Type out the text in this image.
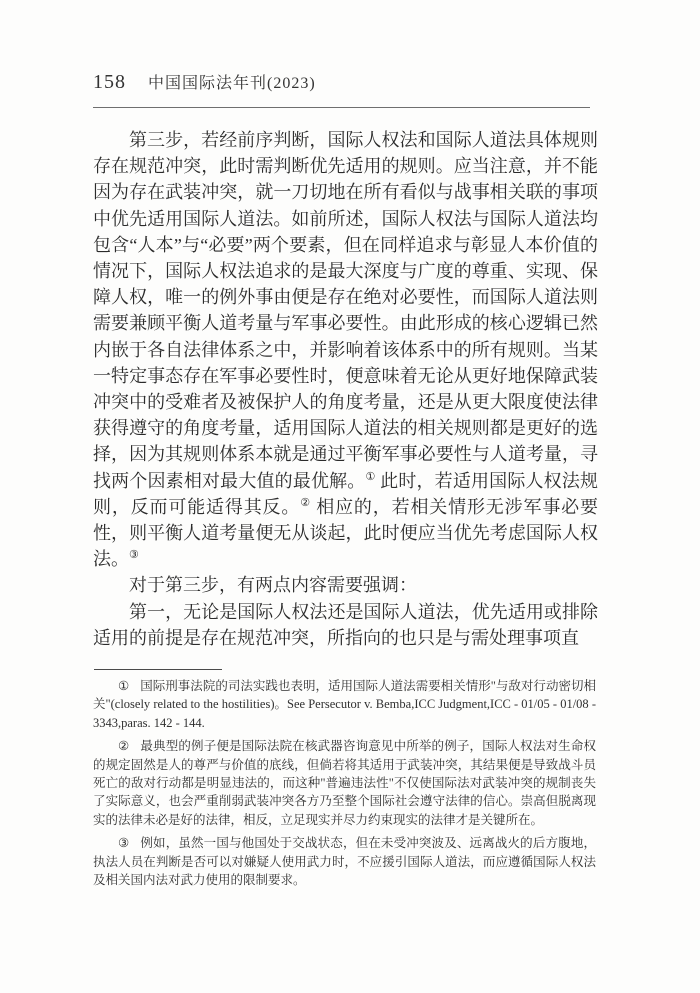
158 中国国际法年刊(2023)

第三步，若经前序判断，国际人权法和国际人道法具体规则存在规范冲突，此时需判断优先适用的规则。应当注意，并不能因为存在武装冲突，就一刀切地在所有看似与战事相关联的事项中优先适用国际人道法。如前所述，国际人权法与国际人道法均包含“人本”与“必要”两个要素，但在同样追求与彰显人本价值的情况下，国际人权法追求的是最大深度与广度的尊重、实现、保障人权，唯一的例外事由便是存在绝对必要性，而国际人道法则需要兼顾平衡人道考量与军事必要性。由此形成的核心逻辑已然内嵌于各自法律体系之中，并影响着该体系中的所有规则。当某一特定事态存在军事必要性时，便意味着无论从更好地保障武装冲突中的受难者及被保护人的角度考量，还是从更大限度使法律获得遵守的角度考量，适用国际人道法的相关规则都是更好的选择，因为其规则体系本就是通过平衡军事必要性与人道考量，寻找两个因素相对最大值的最优解。① 此时，若适用国际人权法规则，反而可能适得其反。② 相应的，若相关情形无涉军事必要性，则平衡人道考量便无从谈起，此时便应当优先考虑国际人权法。③

对于第三步，有两点内容需要强调：

第一，无论是国际人权法还是国际人道法，优先适用或排除适用的前提是存在规范冲突，所指向的也只是与需处理事项直

① 国际刑事法院的司法实践也表明，适用国际人道法需要相关情形"与敌对行动密切相关"(closely related to the hostilities)。See Persecutor v. Bemba,ICC Judgment,ICC - 01/05 - 01/08 - 3343,paras. 142 - 144.

② 最典型的例子便是国际法院在核武器咨询意见中所举的例子，国际人权法对生命权的规定固然是人的尊严与价值的底线，但倘若将其适用于武装冲突，其结果便是导致战斗员死亡的敌对行动都是明显违法的，而这种"普遍违法性"不仅使国际法对武装冲突的规制丧失了实际意义，也会严重削弱武装冲突各方乃至整个国际社会遵守法律的信心。崇高但脱离现实的法律未必是好的法律，相反，立足现实并尽力约束现实的法律才是关键所在。

③ 例如，虽然一国与他国处于交战状态，但在未受冲突波及、远离战火的后方腹地，执法人员在判断是否可以对嫌疑人使用武力时，不应援引国际人道法，而应遵循国际人权法及相关国内法对武力使用的限制要求。
